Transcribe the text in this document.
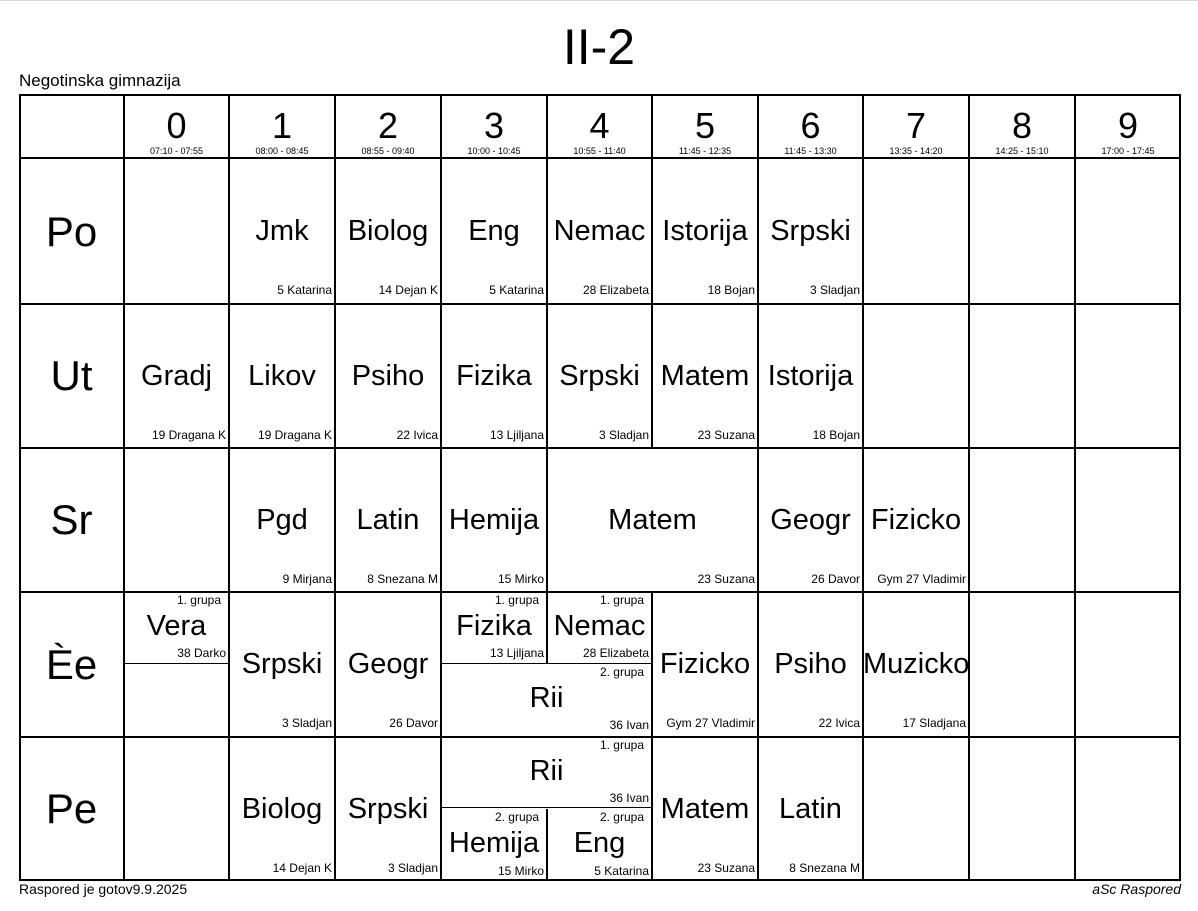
II-2
Negotinska gimnazija
0
07:10 - 07:55
1
08:00 - 08:45
2
08:55 - 09:40
3
10:00 - 10:45
4
10:55 - 11:40
5
11:45 - 12:35
6
11:45 - 13:30
7
13:35 - 14:20
8
14:25 - 15:10
9
17:00 - 17:45
Po
Ut
Sr
Èe
Pe
Jmk
5 Katarina
Biolog
14 Dejan K
Eng
5 Katarina
Nemac
28 Elizabeta
Istorija
18 Bojan
Srpski
3 Sladjan
Gradj
19 Dragana K
Likov
19 Dragana K
Psiho
22 Ivica
Fizika
13 Ljiljana
Srpski
3 Sladjan
Matem
23 Suzana
Istorija
18 Bojan
Pgd
9 Mirjana
Latin
8 Snezana M
Hemija
15 Mirko
Matem
23 Suzana
Geogr
26 Davor
Fizicko
Gym 27 Vladimir
1. grupa
Vera
38 Darko Srpski
3 Sladjan
Geogr
26 Davor
1. grupa
Fizika
13 Ljiljana
1. grupa
Nemac
28 Elizabeta
2. grupa
Rii
36 Ivan
Fizicko
Gym 27 Vladimir
Psiho
22 Ivica
Muzicko
17 Sladjana
Biolog
14 Dejan K
Srpski
3 Sladjan
1. grupa
Rii
36 Ivan
2. grupa
Hemija
15 Mirko
2. grupa
Eng
5 Katarina
Matem
23 Suzana
Latin
8 Snezana M
Raspored je gotov9.9.2025	aSc Raspored
